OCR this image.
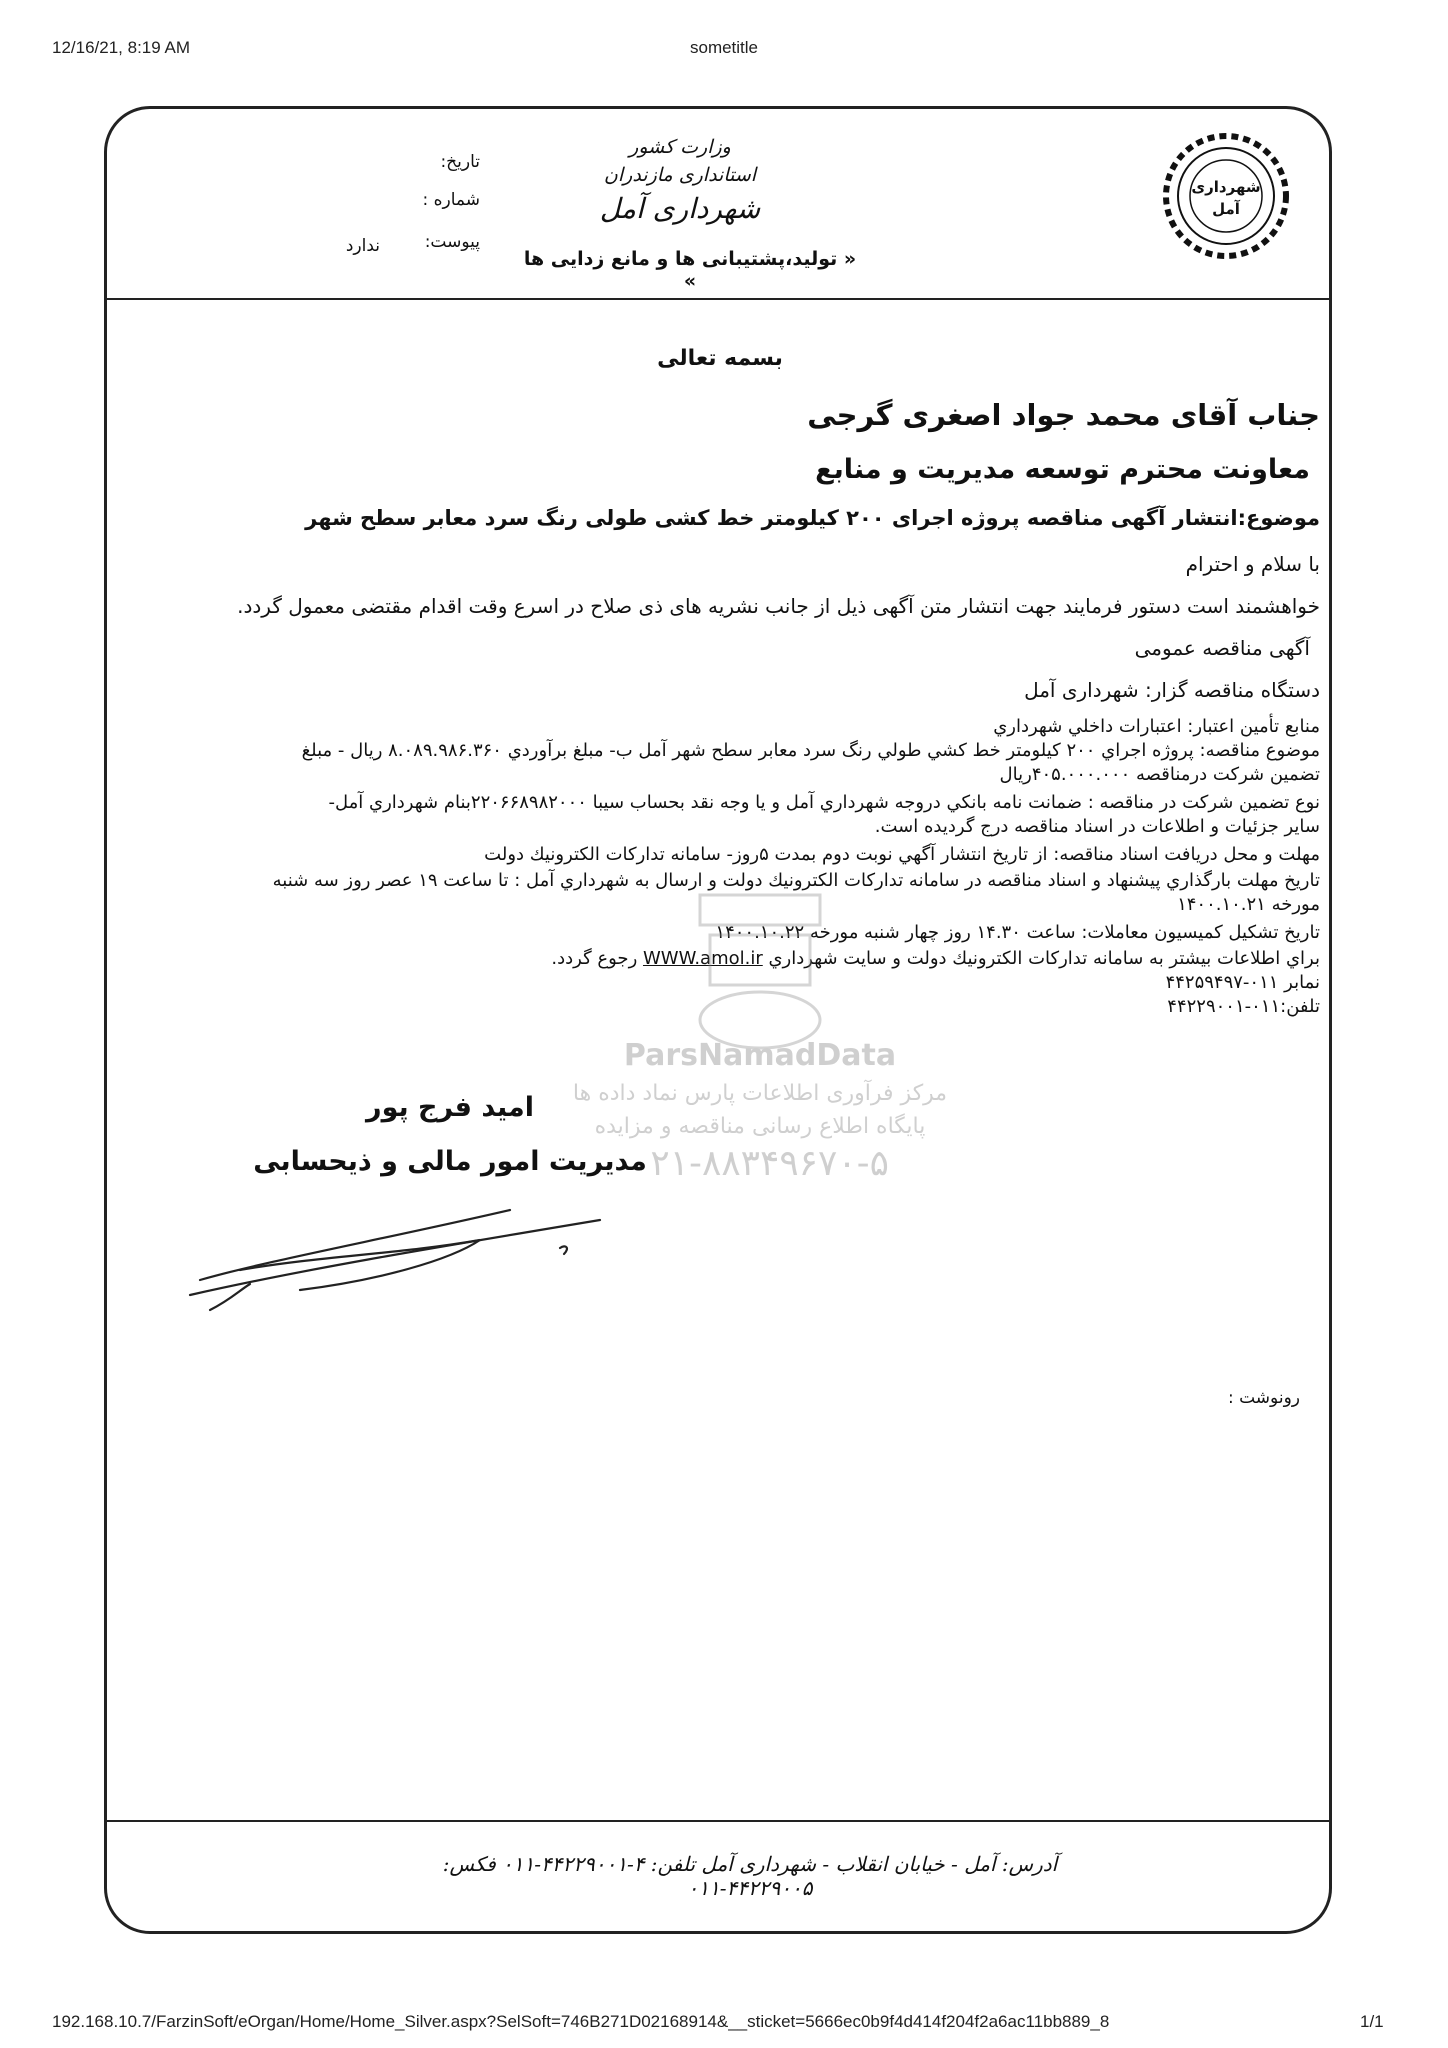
12/16/21, 8:19 AM	sometitle
شهرداری
آمل
وزارت کشور
استانداری مازندران
شهرداری آمل
« تولید،پشتیبانی ها و مانع زدایی ها »
تاریخ:
شماره :
پیوست:
ندارد
بسمه تعالی
جناب آقای محمد جواد اصغری گرجی
معاونت محترم توسعه مدیریت و منابع
موضوع:انتشار آگهی مناقصه پروژه اجرای ۲۰۰ کیلومتر خط کشی طولی رنگ سرد معابر سطح شهر
با سلام و احترام
خواهشمند است دستور فرمایند جهت انتشار متن آگهی ذیل از جانب نشریه های ذی صلاح در اسرع وقت اقدام مقتضی معمول گردد.
آگهی مناقصه عمومی
دستگاه مناقصه گزار: شهرداری آمل
منابع تأمین اعتبار: اعتبارات داخلي شهرداري
موضوع مناقصه: پروژه اجراي ۲۰۰ كيلومتر خط كشي طولي رنگ سرد معابر سطح شهر آمل ب- مبلغ برآوردي ۸.۰۸۹.۹۸۶.۳۶۰ ريال - مبلغ
تضمين شركت درمناقصه ۴۰۵.۰۰۰.۰۰۰ريال
نوع تضمين شركت در مناقصه : ضمانت نامه بانكي دروجه شهرداري آمل و يا وجه نقد بحساب سيبا ۲۲۰۶۶۸۹۸۲۰۰۰بنام شهرداري آمل-
ساير جزئيات و اطلاعات در اسناد مناقصه درج گرديده است.
مهلت و محل دريافت اسناد مناقصه: از تاريخ انتشار آگهي نوبت دوم بمدت ۵روز- سامانه تداركات الكترونيك دولت
تاريخ مهلت بارگذاري پيشنهاد و اسناد مناقصه در سامانه تداركات الكترونيك دولت و ارسال به شهرداري آمل : تا ساعت ۱۹ عصر روز سه شنبه
مورخه ۱۴۰۰.۱۰.۲۱
تاريخ تشكيل كميسيون معاملات: ساعت ۱۴.۳۰ روز چهار شنبه مورخه ۱۴۰۰.۱۰.۲۲
براي اطلاعات بيشتر به سامانه تداركات الكترونيك دولت و سايت شهرداري WWW.amol.ir رجوع گردد.
نمابر ۰۱۱-۴۴۲۵۹۴۹۷
تلفن:۰۱۱-۴۴۲۲۹۰۰۱
ParsNamadData
مرکز فرآوری اطلاعات پارس نماد داده ها
پایگاه اطلاع رسانی مناقصه و مزایده
۰۲۱-۸۸۳۴۹۶۷۰-۵
امید فرج پور
مدیریت امور مالی و ذیحسابی
رونوشت :
آدرس: آمل - خیابان انقلاب - شهرداری آمل تلفن: ۴-۴۴۲۲۹۰۰۱-۰۱۱ فکس: ۴۴۲۲۹۰۰۵-۰۱۱
192.168.10.7/FarzinSoft/eOrgan/Home/Home_Silver.aspx?SelSoft=746B271D02168914&__sticket=5666ec0b9f4d414f204f2a6ac11bb889_8	1/1
